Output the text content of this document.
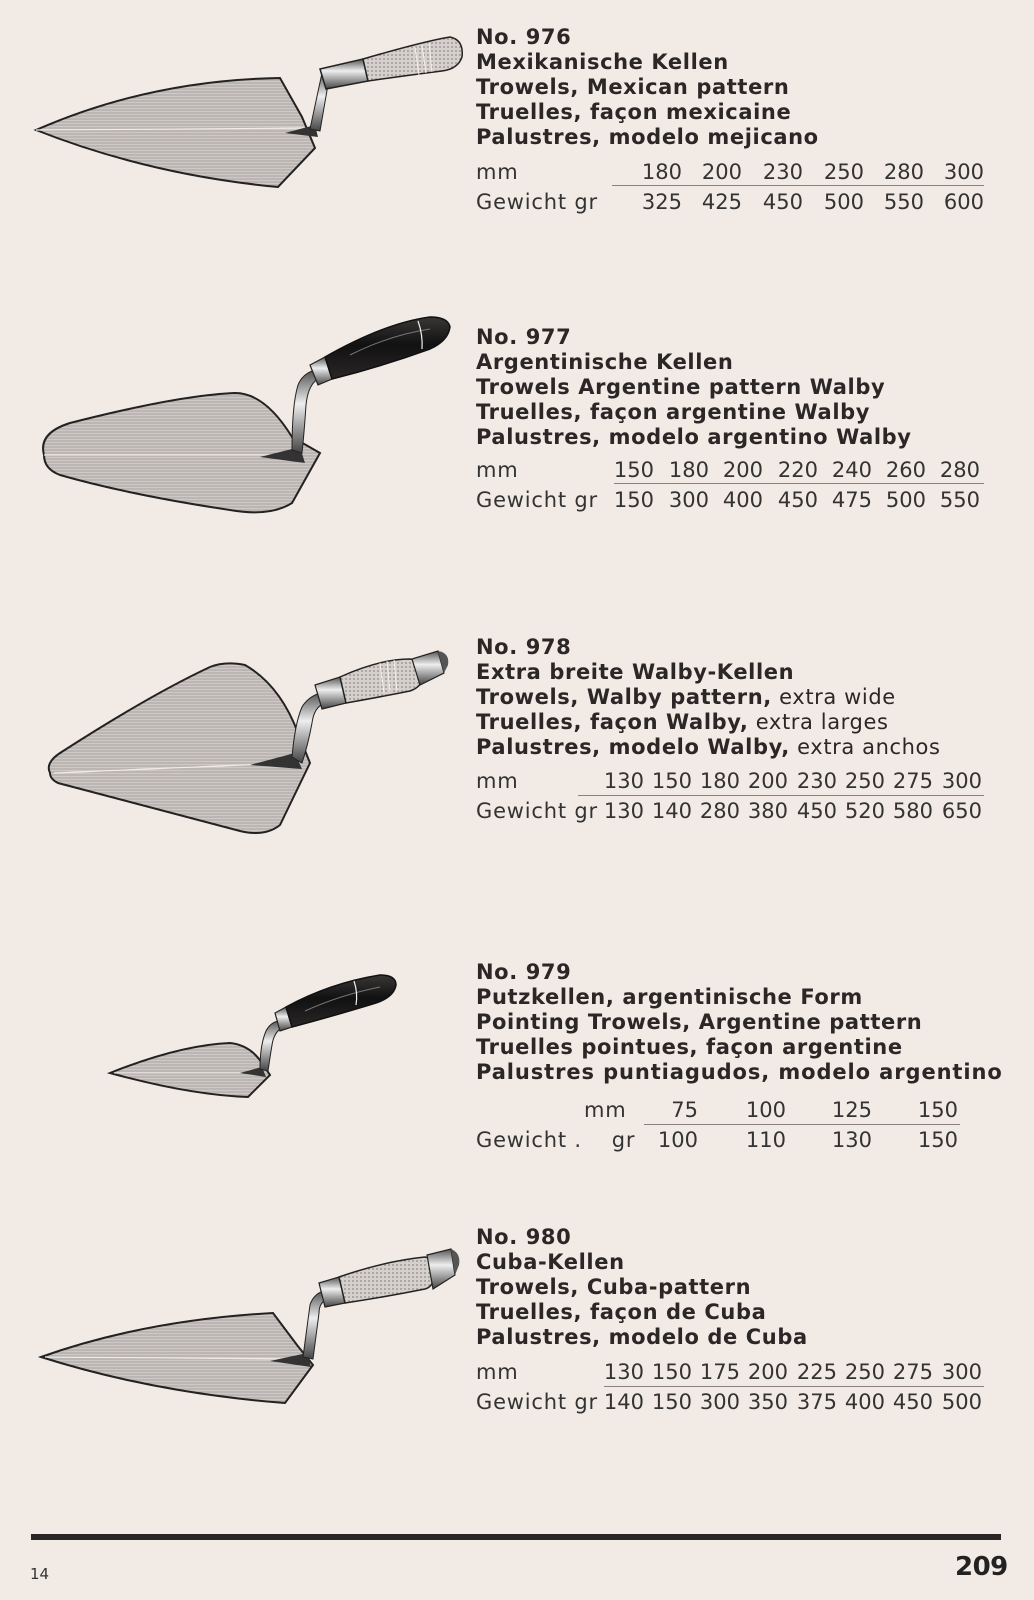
No. 976
Mexikanische Kellen
Trowels, Mexican pattern
Truelles, façon mexicaine
Palustres, modelo mejicano
mm	180 200 230 250 280 300
Gewicht gr	325 425 450 500 550 600
No. 977
Argentinische Kellen
Trowels Argentine pattern Walby
Truelles, façon argentine Walby
Palustres, modelo argentino Walby
mm	150 180 200 220 240 260 280
Gewicht gr 150 300 400 450 475 500 550
No. 978
Extra breite Walby-Kellen
Trowels, Walby pattern, extra wide
Truelles, façon Walby, extra larges
Palustres, modelo Walby, extra anchos
mm	130 150 180 200 230 250 275 300
Gewicht gr 130 140 280 380 450 520 580 650
No. 979
Putzkellen, argentinische Form
Pointing Trowels, Argentine pattern
Truelles pointues, façon argentine
Palustres puntiagudos, modelo argentino
mm	75	100	125	150
Gewicht .    gr	100	110	130	150
No. 980
Cuba-Kellen
Trowels, Cuba-pattern
Truelles, façon de Cuba
Palustres, modelo de Cuba
mm	130 150 175 200 225 250 275 300
Gewicht gr 140 150 300 350 375 400 450 500
14	209
